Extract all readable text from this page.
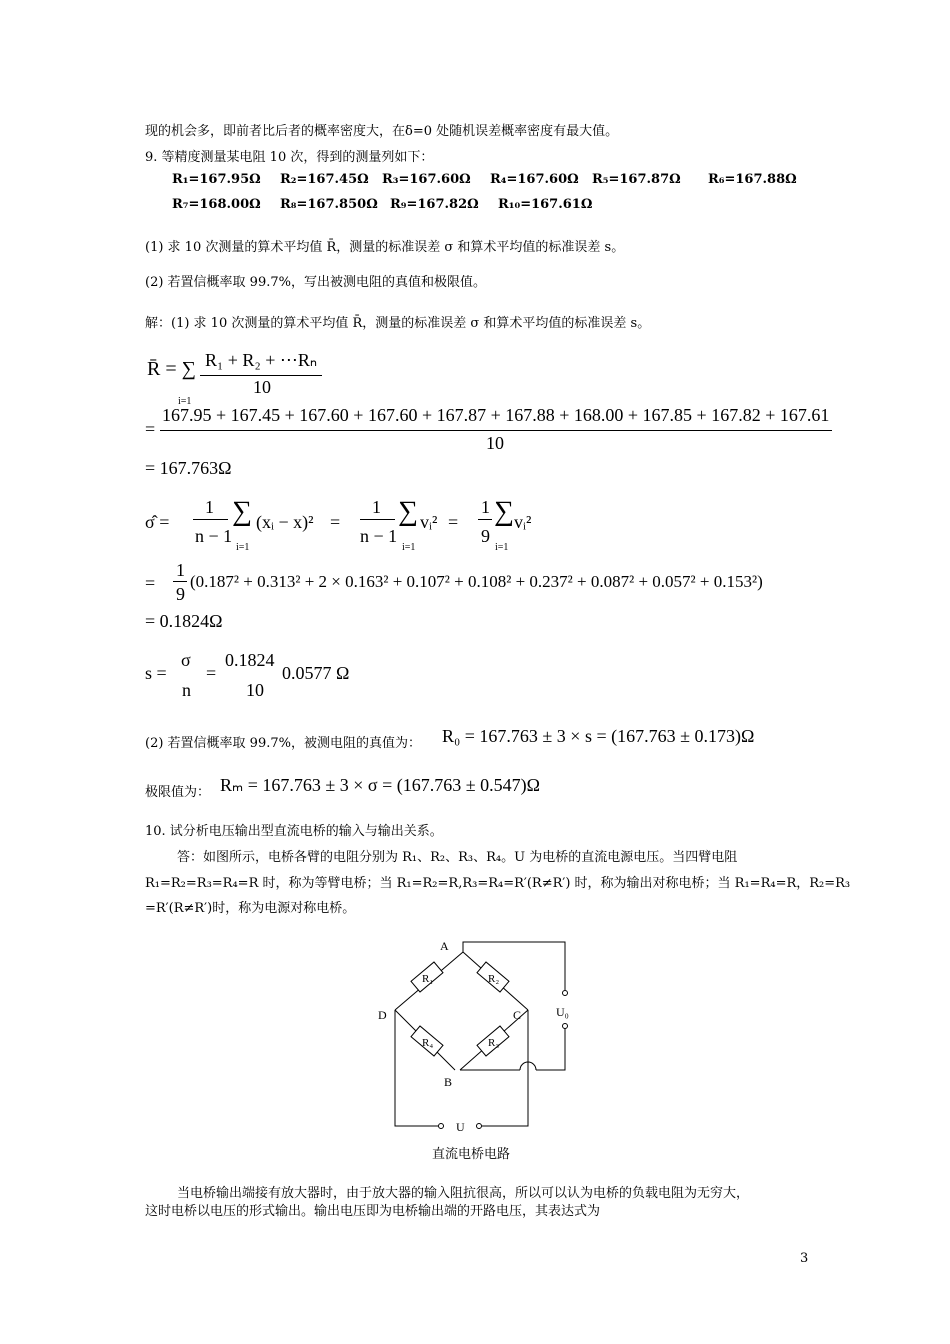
现的机会多，即前者比后者的概率密度大，在δ=0 处随机误差概率密度有最大值。
9. 等精度测量某电阻 10 次，得到的测量列如下：
R₁=167.95Ω R₂=167.45Ω R₃=167.60Ω R₄=167.60Ω R₅=167.87Ω R₆=167.88Ω
R₇=168.00Ω R₈=167.850Ω R₉=167.82Ω R₁₀=167.61Ω
(1) 求 10 次测量的算术平均值 R̄，测量的标准误差 σ 和算术平均值的标准误差 s。
(2) 若置信概率取 99.7%，写出被测电阻的真值和极限值。
解：(1) 求 10 次测量的算术平均值 R̄，测量的标准误差 σ 和算术平均值的标准误差 s。
R̄ = ∑ R₁ + R₂ + ⋯Rₙ
10
i=1
167.95 + 167.45 + 167.60 + 167.60 + 167.87 + 167.88 + 168.00 + 167.85 + 167.82 + 167.61
=
10
= 167.763Ω
σ̂ =
1
n − 1
∑
i=1
(xᵢ − x)² =
1
n − 1
∑
i=1
vᵢ² =
1
9
∑
i=1
vᵢ²
=
1
9
(0.187² + 0.313² + 2 × 0.163² + 0.107² + 0.108² + 0.237² + 0.087² + 0.057² + 0.153²)
= 0.1824Ω
s =
σ
n
=
0.1824
10
0.0577 Ω
(2) 若置信概率取 99.7%，被测电阻的真值为： R₀ = 167.763 ± 3 × s = (167.763 ± 0.173)Ω
极限值为： Rₘ = 167.763 ± 3 × σ = (167.763 ± 0.547)Ω
10. 试分析电压输出型直流电桥的输入与输出关系。
答：如图所示，电桥各臂的电阻分别为 R₁、R₂、R₃、R₄。U 为电桥的直流电源电压。当四臂电阻
R₁=R₂=R₃=R₄=R 时，称为等臂电桥；当 R₁=R₂=R,R₃=R₄=R′(R≠R′) 时，称为输出对称电桥；当 R₁=R₄=R，R₂=R₃
=R′(R≠R′)时，称为电源对称电桥。
A
D	C
B
R₁	R₂
R₄	R₃
U₀
U
直流电桥电路
当电桥输出端接有放大器时，由于放大器的输入阻抗很高，所以可以认为电桥的负载电阻为无穷大，
这时电桥以电压的形式输出。输出电压即为电桥输出端的开路电压，其表达式为
3
